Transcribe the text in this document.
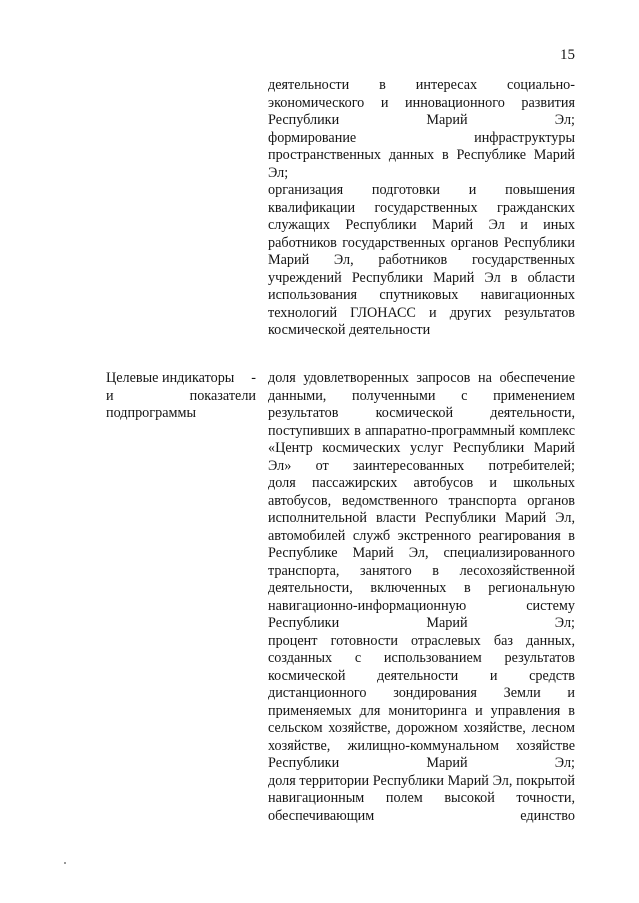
15
деятельности в интересах социально-экономического и инновационного развития Республики Марий Эл;
формирование инфраструктуры пространственных данных в Республике Марий Эл;
организация подготовки и повышения квалификации государственных гражданских служащих Республики Марий Эл и иных работников государственных органов Республики Марий Эл, работников государственных учреждений Республики Марий Эл в области использования спутниковых навигационных технологий ГЛОНАСС и других результатов космической деятельности
Целевые индикаторы -
и	показатели
подпрограммы
доля удовлетворенных запросов на обеспечение данными, полученными с применением результатов космической деятельности, поступивших в аппаратно-программный комплекс «Центр космических услуг Республики Марий Эл» от заинтересованных потребителей;
доля пассажирских автобусов и школьных автобусов, ведомственного транспорта органов исполнительной власти Республики Марий Эл, автомобилей служб экстренного реагирования в Республике Марий Эл, специализированного транспорта, занятого в лесохозяйственной деятельности, включенных в региональную навигационно-информационную систему Республики Марий Эл;
процент готовности отраслевых баз данных, созданных с использованием результатов космической деятельности и средств дистанционного зондирования Земли и применяемых для мониторинга и управления в сельском хозяйстве, дорожном хозяйстве, лесном хозяйстве, жилищно-коммунальном хозяйстве Республики Марий Эл;
доля территории Республики Марий Эл, покрытой навигационным полем высокой точности, обеспечивающим единство
